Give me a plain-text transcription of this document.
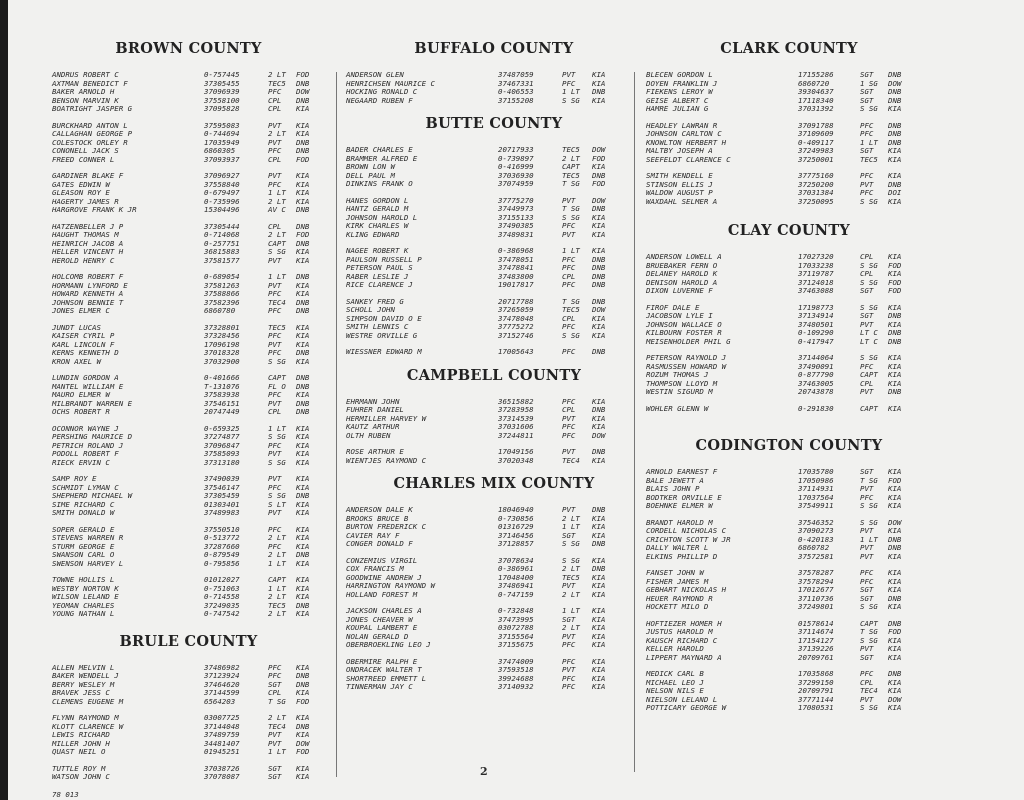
BROWN COUNTY
ANDRUS ROBERT C	0-757445	2 LT FOD
AXTMAN BENEDICT F	37305455	TEC5 DNB
BAKER ARNOLD H	37096939	PFC DOW
BENSON MARVIN K	37558100	CPL DNB
BOATRIGHT JASPER G	37095828	CPL KIA
BURCKHARD ANTON L	37595083	PVT KIA
CALLAGHAN GEORGE P	0-744694	2 LT KIA
COLESTOCK ORLEY R	17035949	PVT DNB
CONONELL JACK S	6860305	PFC DNB
FREED CONNER L	37093937	CPL FOD
GARDINER BLAKE F	37096927	PVT KIA
GATES EDWIN W	37558840	PFC KIA
GLEASON ROY E	0-679497	1 LT KIA
HAGERTY JAMES R	0-735996	2 LT KIA
HARGROVE FRANK K JR	15304496	AV C DNB
HATZENBELLER J P	37305444	CPL DNB
HAUGHT THOMAS M	0-714068	2 LT FOD
HEINRICH JACOB A	0-257751	CAPT DNB
HELLER VINCENT H	36815883	S SG KIA
HEROLD HENRY C	37581577	PVT KIA
HOLCOMB ROBERT F	0-689054	1 LT DNB
HORMANN LYNFORD E	37581263	PVT KIA
HOWARD KENNETH A	37588866	PFC KIA
JOHNSON BENNIE T	37582396	TEC4 DNB
JONES ELMER C	6860780	PFC DNB
JUNDT LUCAS	37328801	TEC5 KIA
KAISER CYRIL P	37328456	PFC KIA
KARL LINCOLN F	17096198	PVT KIA
KERNS KENNETH D	37018328	PFC DNB
KRON AXEL W	37032900	S SG KIA
LUNDIN GORDON A	0-401666	CAPT DNB
MANTEL WILLIAM E	T-131076	FL O DNB
MAURO ELMER W	37583938	PFC KIA
MILBRANDT WARREN E	37546151	PVT DNB
OCHS ROBERT R	20747449	CPL DNB
OCONNOR WAYNE J	0-659325	1 LT KIA
PERSHING MAURICE D	37274877	S SG KIA
PETRICH ROLAND J	37096847	PFC KIA
PODOLL ROBERT F	37585093	PVT KIA
RIECK ERVIN C	37313180	S SG KIA
SAMP ROY E	37490039	PVT KIA
SCHMIDT LYMAN C	37546147	PFC KIA
SHEPHERD MICHAEL W	37305459	S SG DNB
SIME RICHARD C	01303401	S LT KIA
SMITH DONALD W	37489983	PVT KIA
SOPER GERALD E	37550510	PFC KIA
STEVENS WARREN R	0-513772	2 LT KIA
STURM GEORGE E	37287660	PFC KIA
SWANSON CARL O	0-879549	2 LT DNB
SWENSON HARVEY L	0-795856	1 LT KIA
TOWNE HOLLIS L	01012027	CAPT KIA
WESTBY NORTON K	0-751063	1 LT KIA
WILSON LELAND E	0-714558	2 LT KIA
YEOMAN CHARLES	37249035	TEC5 DNB
YOUNG NATHAN L	0-747542	2 LT KIA
BRULE COUNTY
ALLEN MELVIN L	37486982	PFC KIA
BAKER WENDELL J	37123924	PFC DNB
BERRY WESLEY M	37464620	SGT DNB
BRAVEK JESS C	37144599	CPL KIA
CLEMENS EUGENE M	6564203	T SG FOD
FLYNN RAYMOND M	03007725	2 LT KIA
KLOTT CLARENCE W	37144048	TEC4 DNB
LEWIS RICHARD	37489759	PVT KIA
MILLER JOHN H	34481407	PVT DOW
QUAST NEIL O	01945251	1 LT FOD
TUTTLE ROY M	37038726	SGT KIA
WATSON JOHN C	37078087	SGT KIA
78 013
BUFFALO COUNTY
ANDERSON GLEN	37487059	PVT KIA
HENRICHSEN MAURICE C	37467331	PFC KIA
HOCKING RONALD C	0-406553	1 LT DNB
NEGAARD RUBEN F	37155208	S SG KIA
BUTTE COUNTY
BADER CHARLES E	20717933	TEC5 DOW
BRAMMER ALFRED E	0-739897	2 LT FOD
BROWN LON W	0-416999	CAPT KIA
DELL PAUL M	37036930	TEC5 DNB
DINKINS FRANK O	37074959	T SG FOD
HANES GORDON L	37775270	PVT DOW
HANTZ GERALD M	37449973	T SG DNB
JOHNSON HAROLD L	37155133	S SG KIA
KIRK CHARLES W	37490385	PFC KIA
KLING EDWARD	37489831	PVT KIA
NAGEE ROBERT K	0-386968	1 LT KIA
PAULSON RUSSELL P	37478051	PFC DNB
PETERSON PAUL S	37478841	PFC DNB
RABER LESLIE J	37483800	CPL DNB
RICE CLARENCE J	19017817	PFC DNB
SANKEY FRED G	20717788	T SG DNB
SCHOLL JOHN	37265059	TEC5 DOW
SIMPSON DAVID O E	37478048	CPL KIA
SMITH LENNIS C	37775272	PFC KIA
WESTRE ORVILLE G	37152746	S SG KIA
WIESSNER EDWARD M	17005643	PFC DNB
CAMPBELL COUNTY
EHRMANN JOHN	36515882	PFC KIA
FUHRER DANIEL	37283958	CPL DNB
HERMILLER HARVEY W	37314539	PVT KIA
KAUTZ ARTHUR	37031606	PFC KIA
OLTH RUBEN	37244811	PFC DOW
ROSE ARTHUR E	17049156	PVT DNB
WIENTJES RAYMOND C	37020348	TEC4 KIA
CHARLES MIX COUNTY
ANDERSON DALE K	18046940	PVT DNB
BROOKS BRUCE B	0-730856	2 LT KIA
BURTON FREDERICK C	01316729	1 LT KIA
CAVIER RAY F	37146456	SGT KIA
CONGER DONALD F	37128857	S SG DNB
CONZEMIUS VIRGIL	37078634	S SG KIA
COX FRANCIS M	0-386961	2 LT DNB
GOODWINE ANDREW J	17048400	TEC5 KIA
HARRINGTON RAYMOND W	37486941	PVT KIA
HOLLAND FOREST M	0-747159	2 LT KIA
JACKSON CHARLES A	0-732848	1 LT KIA
JONES CHEAVER W	37473995	SGT KIA
KOUPAL LAMBERT E	03072788	2 LT KIA
NOLAN GERALD D	37155564	PVT KIA
OBERBROEKLING LEO J	37155675	PFC KIA
OBERMIRE RALPH E	37474009	PFC KIA
ONDRACEK WALTER T	37593518	PVT KIA
SHORTREED EMMETT L	39924688	PFC KIA
TINNERMAN JAY C	37140932	PFC KIA
CLARK COUNTY
BLECEN GORDON L	17155286	SGT DNB
DOYEN FRANKLIN J	6860720	1 SG DOW
FIEKENS LEROY W	39304637	SGT DNB
GEISE ALBERT C	17118340	SGT DNB
HAMRE JULIAN G	37031392	S SG KIA
HEADLEY LAWRAN R	37091788	PFC DNB
JOHNSON CARLTON C	37109609	PFC DNB
KNOWLTON HERBERT H	0-409117	1 LT DNB
MALTBY JOSEPH A	37249983	SGT KIA
SEEFELDT CLARENCE C	37250001	TEC5 KIA
SMITH KENDELL E	37775160	PFC KIA
STINSON ELLIS J	37250200	PVT DNB
WALDOW AUGUST P	37031384	PFC DOI
WAXDAHL SELMER A	37250095	S SG KIA
CLAY COUNTY
ANDERSON LOWELL A	17027320	CPL KIA
BRUEBAKER FERN O	17033238	S SG FOD
DELANEY HAROLD K	37119787	CPL KIA
DENISON HAROLD A	37124018	S SG FOD
DIXON LUVERNE F	37463088	SGT FOD
FIROF DALE E	17198773	S SG KIA
JACOBSON LYLE I	37134914	SGT DNB
JOHNSON WALLACE O	37480501	PVT KIA
KILBOURN FOSTER R	0-109290	LT C DNB
MEISENHOLDER PHIL G	0-417947	LT C DNB
PETERSON RAYNOLD J	37144064	S SG KIA
RASMUSSEN HOWARD W	37490091	PFC KIA
ROZUM THOMAS J	0-877790	CAPT KIA
THOMPSON LLOYD M	37463005	CPL KIA
WESTIN SIGURD M	20743878	PVT DNB
WOHLER GLENN W	0-291830	CAPT KIA
CODINGTON COUNTY
ARNOLD EARNEST F	17035780	SGT KIA
BALE JEWETT A	17050986	T SG FOD
BLAIS JOHN P	37114931	PVT KIA
BODTKER ORVILLE E	17037564	PFC KIA
BOEHNKE ELMER W	37549911	S SG KIA
BRANDT HAROLD M	37546352	S SG DOW
CORDELL NICHOLAS C	37090273	PVT KIA
CRICHTON SCOTT W JR	0-420183	1 LT DNB
DALLY WALTER L	6860782	PVT DNB
ELKINS PHILLIP D	37572581	PVT KIA
FANSET JOHN W	37578287	PFC KIA
FISHER JAMES M	37578294	PFC KIA
GEBHART NICKOLAS H	17012677	SGT KIA
HEUER RAYMOND R	37110736	SGT DNB
HOCKETT MILO D	37249801	S SG KIA
HOFTIEZER HOMER H	01578614	CAPT DNB
JUSTUS HAROLD M	37114674	T SG FOD
KAUSCH RICHARD C	17154127	S SG KIA
KELLER HAROLD	37139226	PVT KIA
LIPPERT MAYNARD A	20709761	SGT KIA
MEDICK CARL B	17035868	PFC DNB
MICHAEL LEO J	37299150	CPL KIA
NELSON NILS E	20709791	TEC4 KIA
NIELSON LELAND L	37771144	PVT DOW
POTTICARY GEORGE W	17080531	S SG KIA
2
